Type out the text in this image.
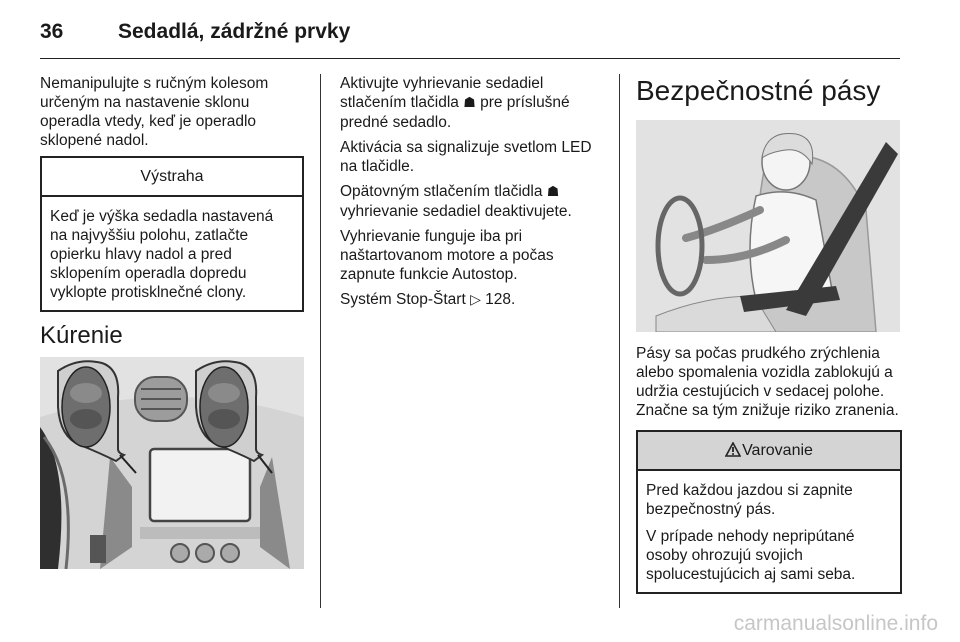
36	Sedadlá, zádržné prvky

Nemanipulujte s ručným kolesom určeným na nastavenie sklonu operadla vtedy, keď je operadlo sklopené nadol.

Výstraha

Keď je výška sedadla nastavená na najvyššiu polohu, zatlačte opierku hlavy nadol a pred sklopením operadla dopredu vyklopte protisklnečné clony.

Kúrenie

Aktivujte vyhrievanie sedadiel stlačením tlačidla ☗ pre príslušné predné sedadlo.

Aktivácia sa signalizuje svetlom LED na tlačidle.

Opätovným stlačením tlačidla ☗ vyhrievanie sedadiel deaktivujete.

Vyhrievanie funguje iba pri naštartovanom motore a počas zapnute funkcie Autostop.

Systém Stop-Štart ▷ 128.

Bezpečnostné pásy

Pásy sa počas prudkého zrýchlenia alebo spomalenia vozidla zablokujú a udržia cestujúcich v sedacej polohe. Značne sa tým znižuje riziko zranenia.

Varovanie

Pred každou jazdou si zapnite bezpečnostný pás.

V prípade nehody nepripútané osoby ohrozujú svojich spolucestujúcich aj sami seba.

carmanualsonline.info
